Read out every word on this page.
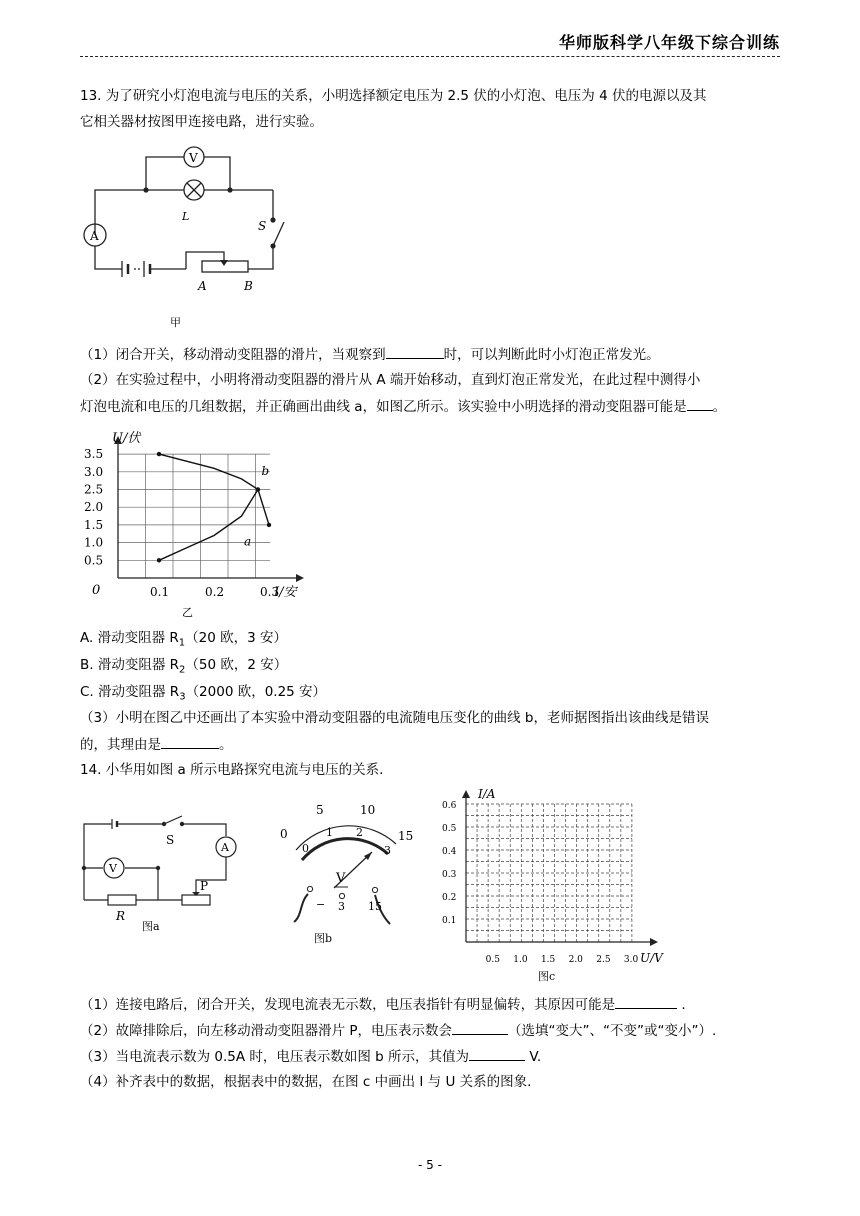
华师版科学八年级下综合训练
13. 为了研究小灯泡电流与电压的关系，小明选择额定电压为 2.5 伏的小灯泡、电压为 4 伏的电源以及其
它相关器材按图甲连接电路，进行实验。
V
A
L
S
A	B
甲
（1）闭合开关，移动滑动变阻器的滑片，当观察到	时，可以判断此时小灯泡正常发光。
（2）在实验过程中，小明将滑动变阻器的滑片从 A 端开始移动，直到灯泡正常发光，在此过程中测得小
灯泡电流和电压的几组数据，并正确画出曲线 a，如图乙所示。该实验中小明选择的滑动变阻器可能是 。
3.5
3.0
2.5
2.0
1.5
1.0
0.5
0.1	0.2	0.3
a
b
U/伏
I/安
0
乙
A. 滑动变阻器 $R_1(20$ 欧，3 安）
B. 滑动变阻器 $R_2(50$ 欧，2 安）
C. 滑动变阻器 $R_3(2000$ 欧，0.25 安）
（3）小明在图乙中还画出了本实验中滑动变阻器的电流随电压变化的曲线 b，老师据图指出该曲线是错误
的，其理由是	。
14. 小华用如图 a 所示电路探究电流与电压的关系.
S
A
V
R
P
图a
0
5	10
15
0
1 2
3
V
− 3 15
图b
0.6
0.5
0.4
0.3
0.2
0.1
0.5 1.0 1.5 2.0 2.5 3.0
I/A
U/V
图c
（1）连接电路后，闭合开关，发现电流表无示数，电压表指针有明显偏转，其原因可能是	.
（2）故障排除后，向左移动滑动变阻器滑片 P，电压表示数会	（选填“变大”、“不变”或“变小”）.
（3）当电流表示数为 0.5A 时，电压表示数如图 b 所示，其值为	V.
（4）补齐表中的数据，根据表中的数据，在图 c 中画出 I 与 U 关系的图象.
- 5 -
